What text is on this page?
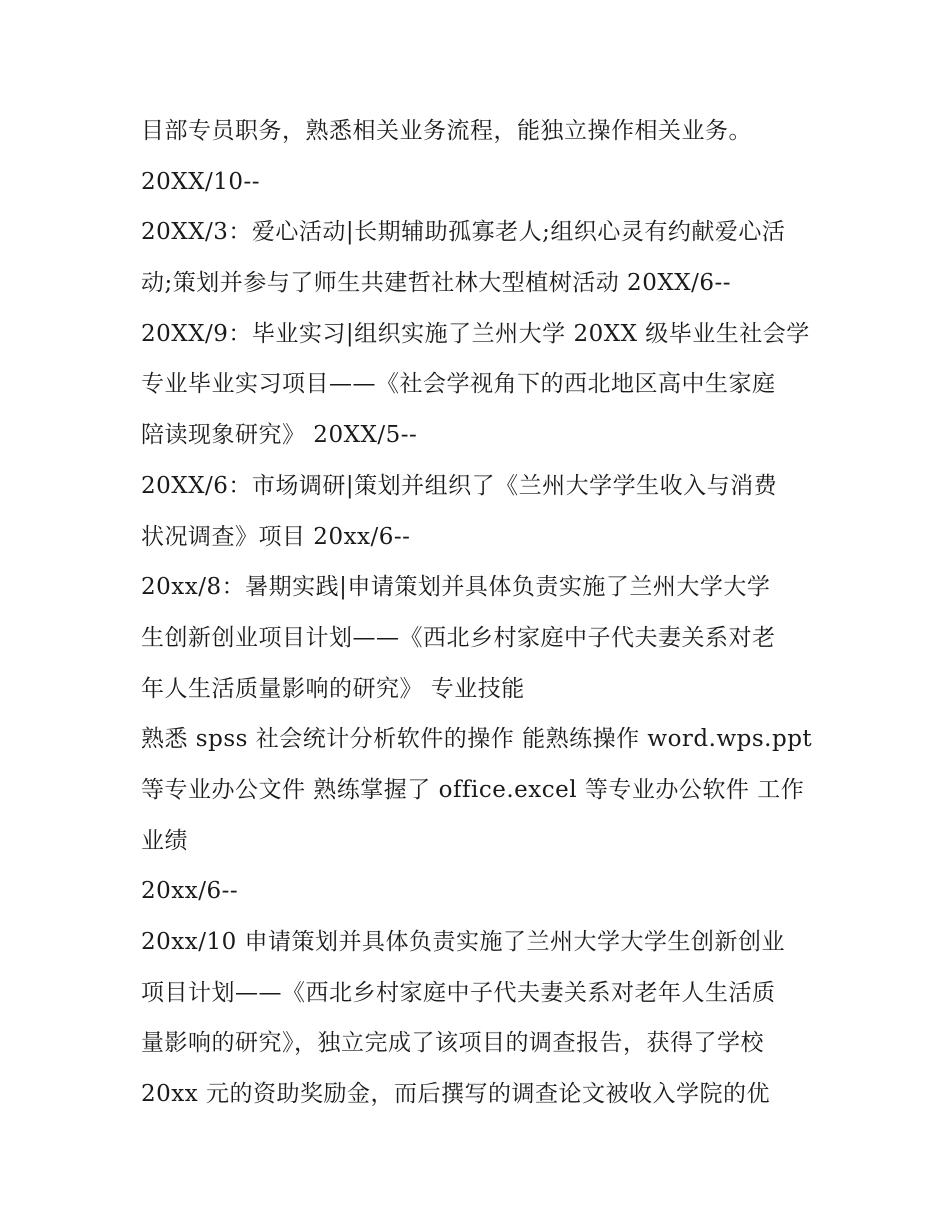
目部专员职务，熟悉相关业务流程，能独立操作相关业务。
20XX/10--
20XX/3：爱心活动|长期辅助孤寡老人;组织心灵有约献爱心活
动;策划并参与了师生共建哲社林大型植树活动 20XX/6--
20XX/9：毕业实习|组织实施了兰州大学 20XX 级毕业生社会学
专业毕业实习项目——《社会学视角下的西北地区高中生家庭
陪读现象研究》 20XX/5--
20XX/6：市场调研|策划并组织了《兰州大学学生收入与消费
状况调查》项目 20xx/6--
20xx/8：暑期实践|申请策划并具体负责实施了兰州大学大学
生创新创业项目计划——《西北乡村家庭中子代夫妻关系对老
年人生活质量影响的研究》 专业技能
熟悉 spss 社会统计分析软件的操作 能熟练操作 word.wps.ppt
等专业办公文件 熟练掌握了 office.excel 等专业办公软件 工作
业绩
20xx/6--
20xx/10 申请策划并具体负责实施了兰州大学大学生创新创业
项目计划——《西北乡村家庭中子代夫妻关系对老年人生活质
量影响的研究》，独立完成了该项目的调查报告，获得了学校
20xx 元的资助奖励金，而后撰写的调查论文被收入学院的优
